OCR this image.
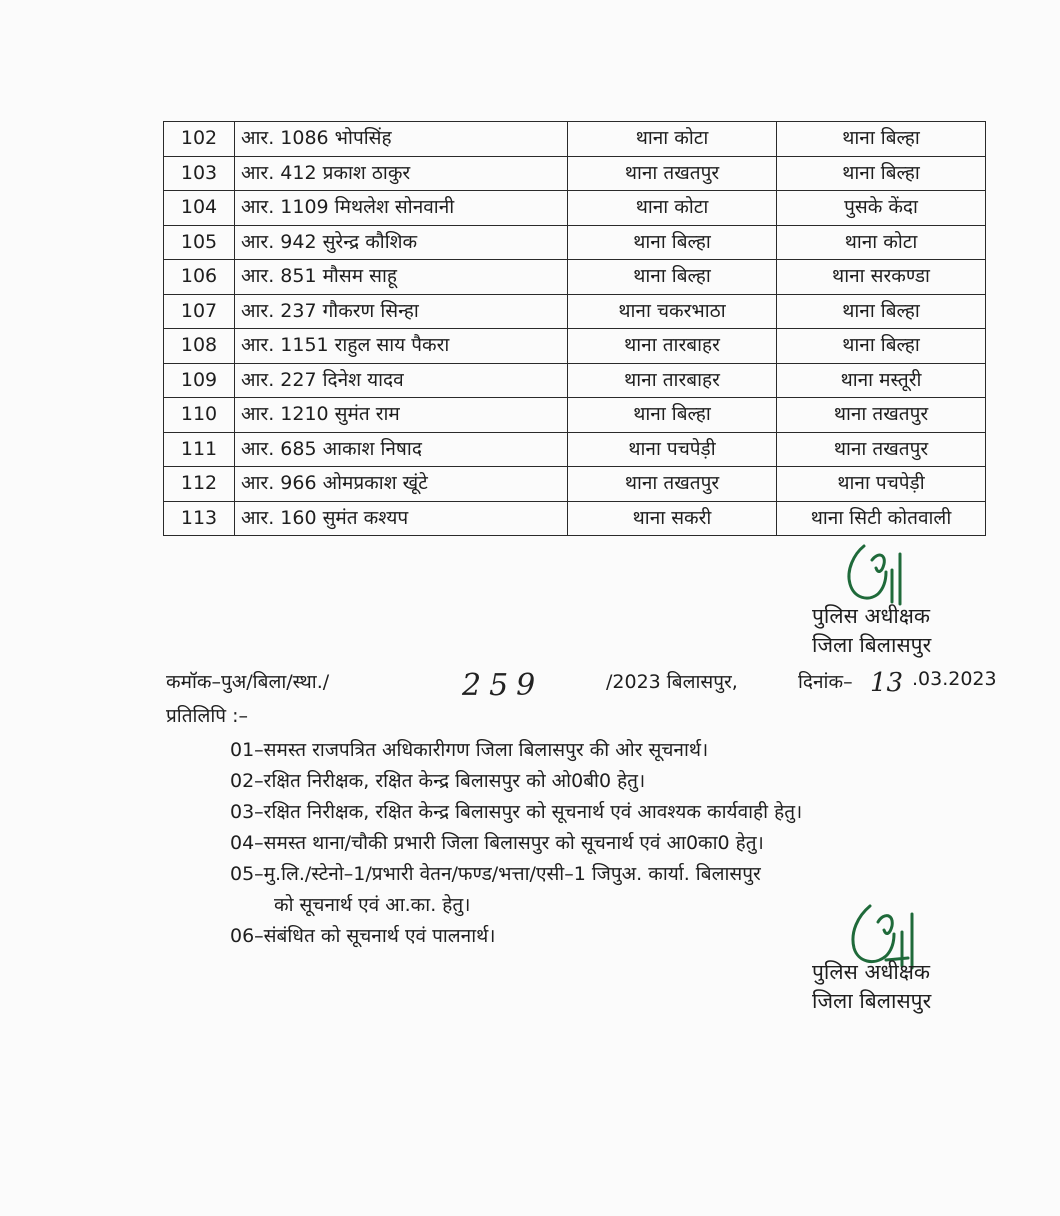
102	आर. 1086 भोपसिंह	थाना कोटा	थाना बिल्हा
103	आर. 412 प्रकाश ठाकुर	थाना तखतपुर	थाना बिल्हा
104	आर. 1109 मिथलेश सोनवानी	थाना कोटा	पुसके केंदा
105	आर. 942 सुरेन्द्र कौशिक	थाना बिल्हा	थाना कोटा
106	आर. 851 मौसम साहू	थाना बिल्हा	थाना सरकण्डा
107	आर. 237 गौकरण सिन्हा	थाना चकरभाठा	थाना बिल्हा
108	आर. 1151 राहुल साय पैकरा	थाना तारबाहर	थाना बिल्हा
109	आर. 227 दिनेश यादव	थाना तारबाहर	थाना मस्तूरी
110	आर. 1210 सुमंत राम	थाना बिल्हा	थाना तखतपुर
111	आर. 685 आकाश निषाद	थाना पचपेड़ी	थाना तखतपुर
112	आर. 966 ओमप्रकाश खूंटे	थाना तखतपुर	थाना पचपेड़ी
113	आर. 160 सुमंत कश्यप	थाना सकरी	थाना सिटी कोतवाली
पुलिस अधीक्षक
जिला बिलासपुर
कमॉक–पुअ/बिला/स्था./	259	/2023 बिलासपुर,	दिनांक– 13 .03.2023
प्रतिलिपि :–
01–समस्त राजपत्रित अधिकारीगण जिला बिलासपुर की ओर सूचनार्थ।
02–रक्षित निरीक्षक, रक्षित केन्द्र बिलासपुर को ओ0बी0 हेतु।
03–रक्षित निरीक्षक, रक्षित केन्द्र बिलासपुर को सूचनार्थ एवं आवश्यक कार्यवाही हेतु।
04–समस्त थाना/चौकी प्रभारी जिला बिलासपुर को सूचनार्थ एवं आ0का0 हेतु।
05–मु.लि./स्टेनो–1/प्रभारी वेतन/फण्ड/भत्ता/एसी–1 जिपुअ. कार्या. बिलासपुर
को सूचनार्थ एवं आ.का. हेतु।
06–संबंधित को सूचनार्थ एवं पालनार्थ।
पुलिस अधीक्षक
जिला बिलासपुर
